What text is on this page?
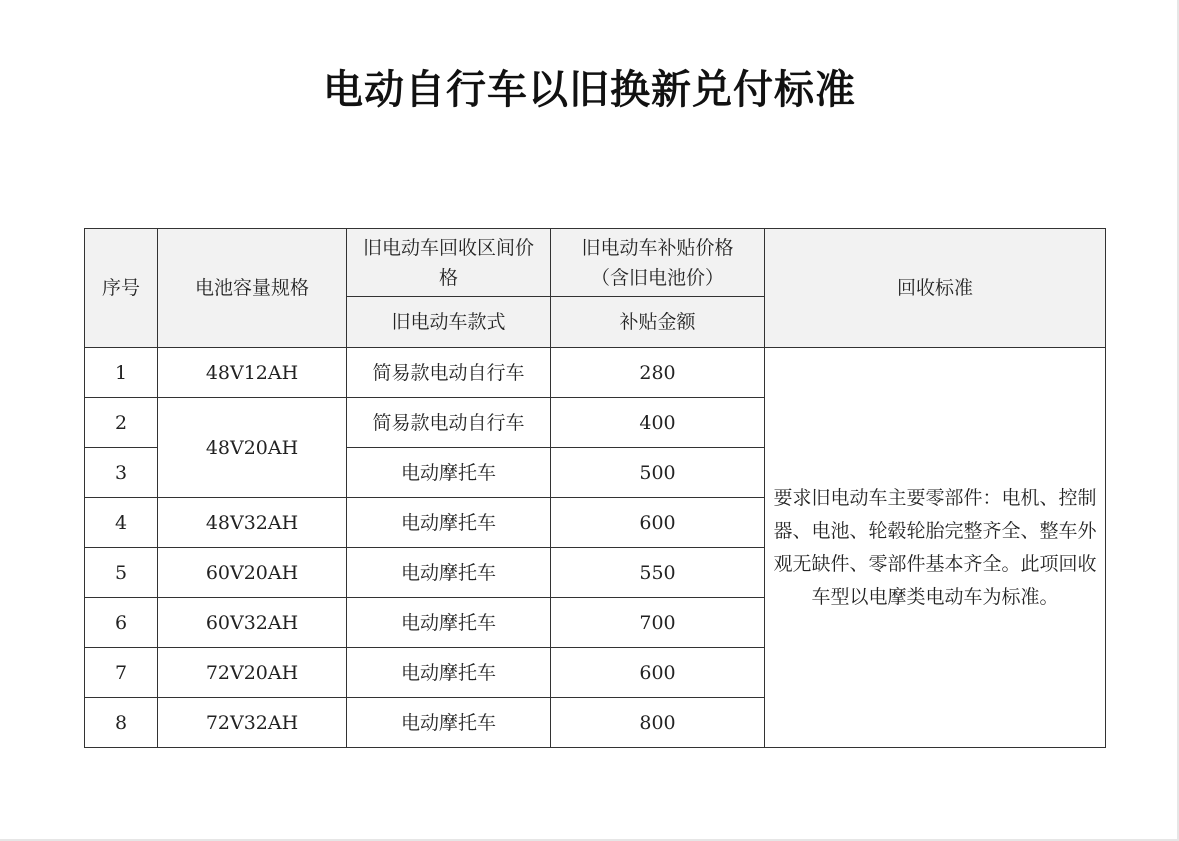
电动自行车以旧换新兑付标准
序号	电池容量规格	旧电动车回收区间价格	旧电动车补贴价格（含旧电池价）	回收标准
		旧电动车款式	补贴金额	
1	48V12AH	简易款电动自行车	280	要求旧电动车主要零部件：电机、控制器、电池、轮毂轮胎完整齐全、整车外观无缺件、零部件基本齐全。此项回收车型以电摩类电动车为标准。
2	48V20AH	简易款电动自行车	400	
3		电动摩托车	500	
4	48V32AH	电动摩托车	600	
5	60V20AH	电动摩托车	550	
6	60V32AH	电动摩托车	700	
7	72V20AH	电动摩托车	600	
8	72V32AH	电动摩托车	800	
